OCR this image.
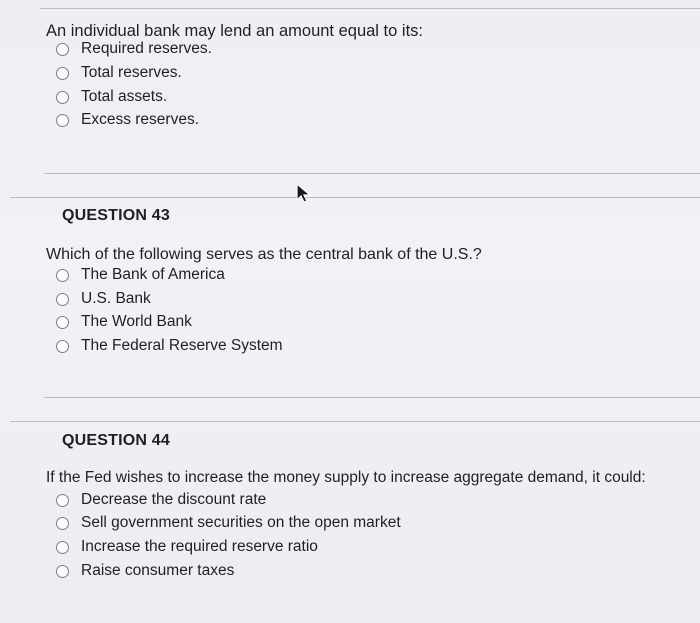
An individual bank may lend an amount equal to its:
Required reserves.
Total reserves.
Total assets.
Excess reserves.
QUESTION 43
Which of the following serves as the central bank of the U.S.?
The Bank of America
U.S. Bank
The World Bank
The Federal Reserve System
QUESTION 44
If the Fed wishes to increase the money supply to increase aggregate demand, it could:
Decrease the discount rate
Sell government securities on the open market
Increase the required reserve ratio
Raise consumer taxes
